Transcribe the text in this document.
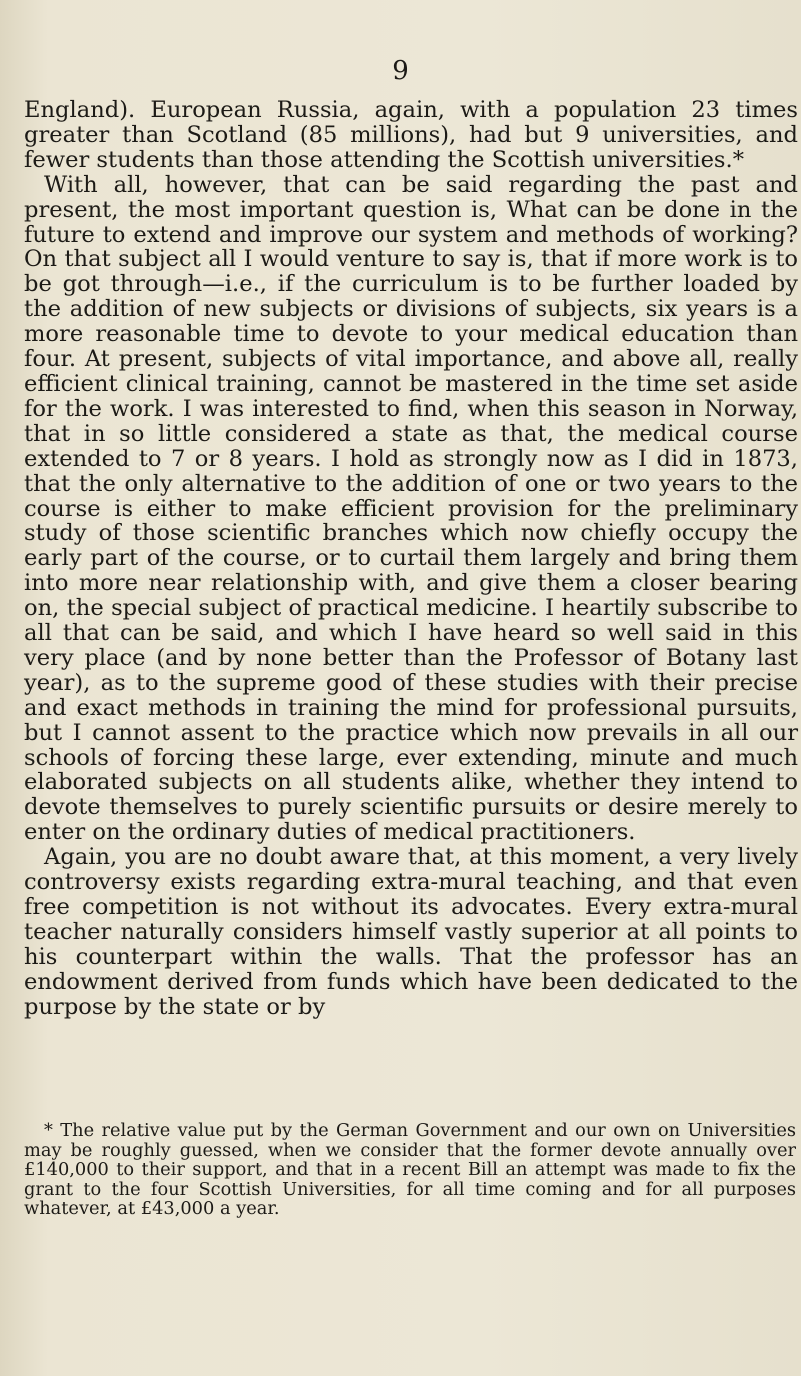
9

England). European Russia, again, with a population 23 times greater than Scotland (85 millions), had but 9 universities, and fewer students than those attending the Scottish universities.*

With all, however, that can be said regarding the past and present, the most important question is, What can be done in the future to extend and improve our system and methods of working? On that subject all I would venture to say is, that if more work is to be got through—i.e., if the curriculum is to be further loaded by the addition of new subjects or divisions of subjects, six years is a more reasonable time to devote to your medical education than four. At present, subjects of vital importance, and above all, really efficient clinical training, cannot be mastered in the time set aside for the work. I was interested to find, when this season in Norway, that in so little considered a state as that, the medical course extended to 7 or 8 years. I hold as strongly now as I did in 1873, that the only alternative to the addition of one or two years to the course is either to make efficient provision for the preliminary study of those scientific branches which now chiefly occupy the early part of the course, or to curtail them largely and bring them into more near relationship with, and give them a closer bearing on, the special subject of practical medicine. I heartily subscribe to all that can be said, and which I have heard so well said in this very place (and by none better than the Professor of Botany last year), as to the supreme good of these studies with their precise and exact methods in training the mind for professional pursuits, but I cannot assent to the practice which now prevails in all our schools of forcing these large, ever extending, minute and much elaborated subjects on all students alike, whether they intend to devote themselves to purely scientific pursuits or desire merely to enter on the ordinary duties of medical practitioners.

Again, you are no doubt aware that, at this moment, a very lively controversy exists regarding extra-mural teaching, and that even free competition is not without its advocates. Every extra-mural teacher naturally considers himself vastly superior at all points to his counterpart within the walls. That the professor has an endowment derived from funds which have been dedicated to the purpose by the state or by

* The relative value put by the German Government and our own on Universities may be roughly guessed, when we consider that the former devote annually over £140,000 to their support, and that in a recent Bill an attempt was made to fix the grant to the four Scottish Universities, for all time coming and for all purposes whatever, at £43,000 a year.
